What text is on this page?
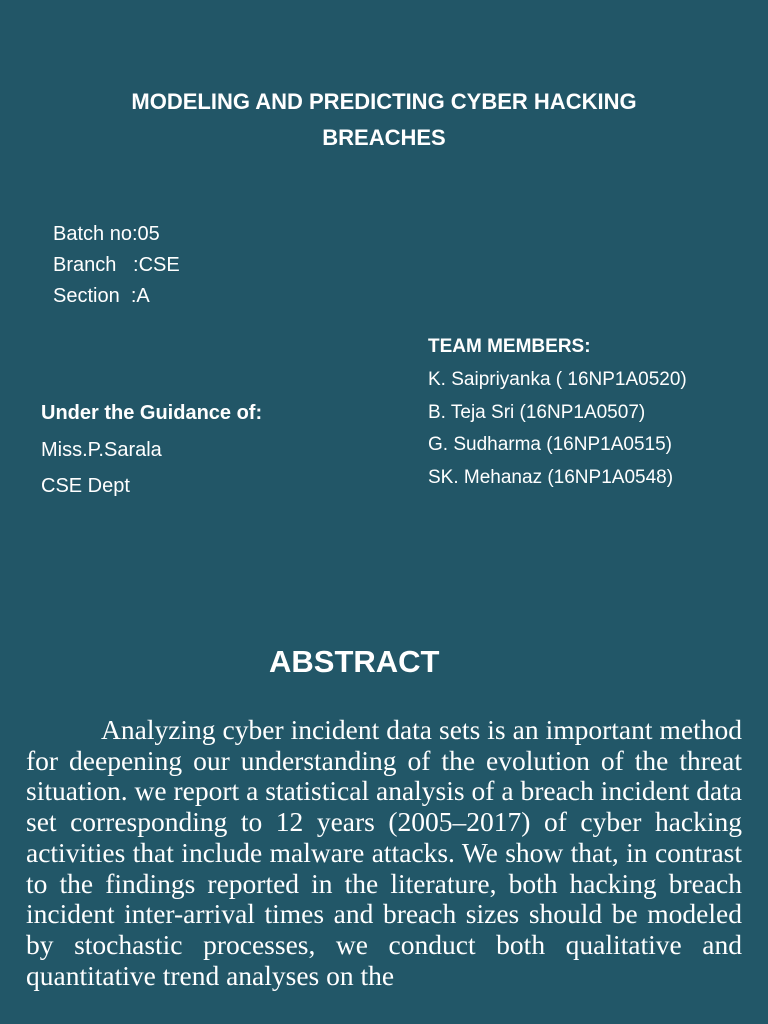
MODELING AND PREDICTING CYBER HACKING
BREACHES
Batch no:05
Branch   :CSE
Section  :A
Under the Guidance of:
Miss.P.Sarala
CSE Dept
TEAM MEMBERS:
K. Saipriyanka ( 16NP1A0520)
B. Teja Sri (16NP1A0507)
G. Sudharma (16NP1A0515)
SK. Mehanaz (16NP1A0548)
ABSTRACT

Analyzing cyber incident data sets is an important method for deepening our understanding of the evolution of the threat situation. we report a statistical analysis of a breach incident data set corresponding to 12 years (2005–2017) of cyber hacking activities that include malware attacks. We show that, in contrast to the findings reported in the literature, both hacking breach incident inter-arrival times and breach sizes should be modeled by stochastic processes, we conduct both qualitative and quantitative trend analyses on the
